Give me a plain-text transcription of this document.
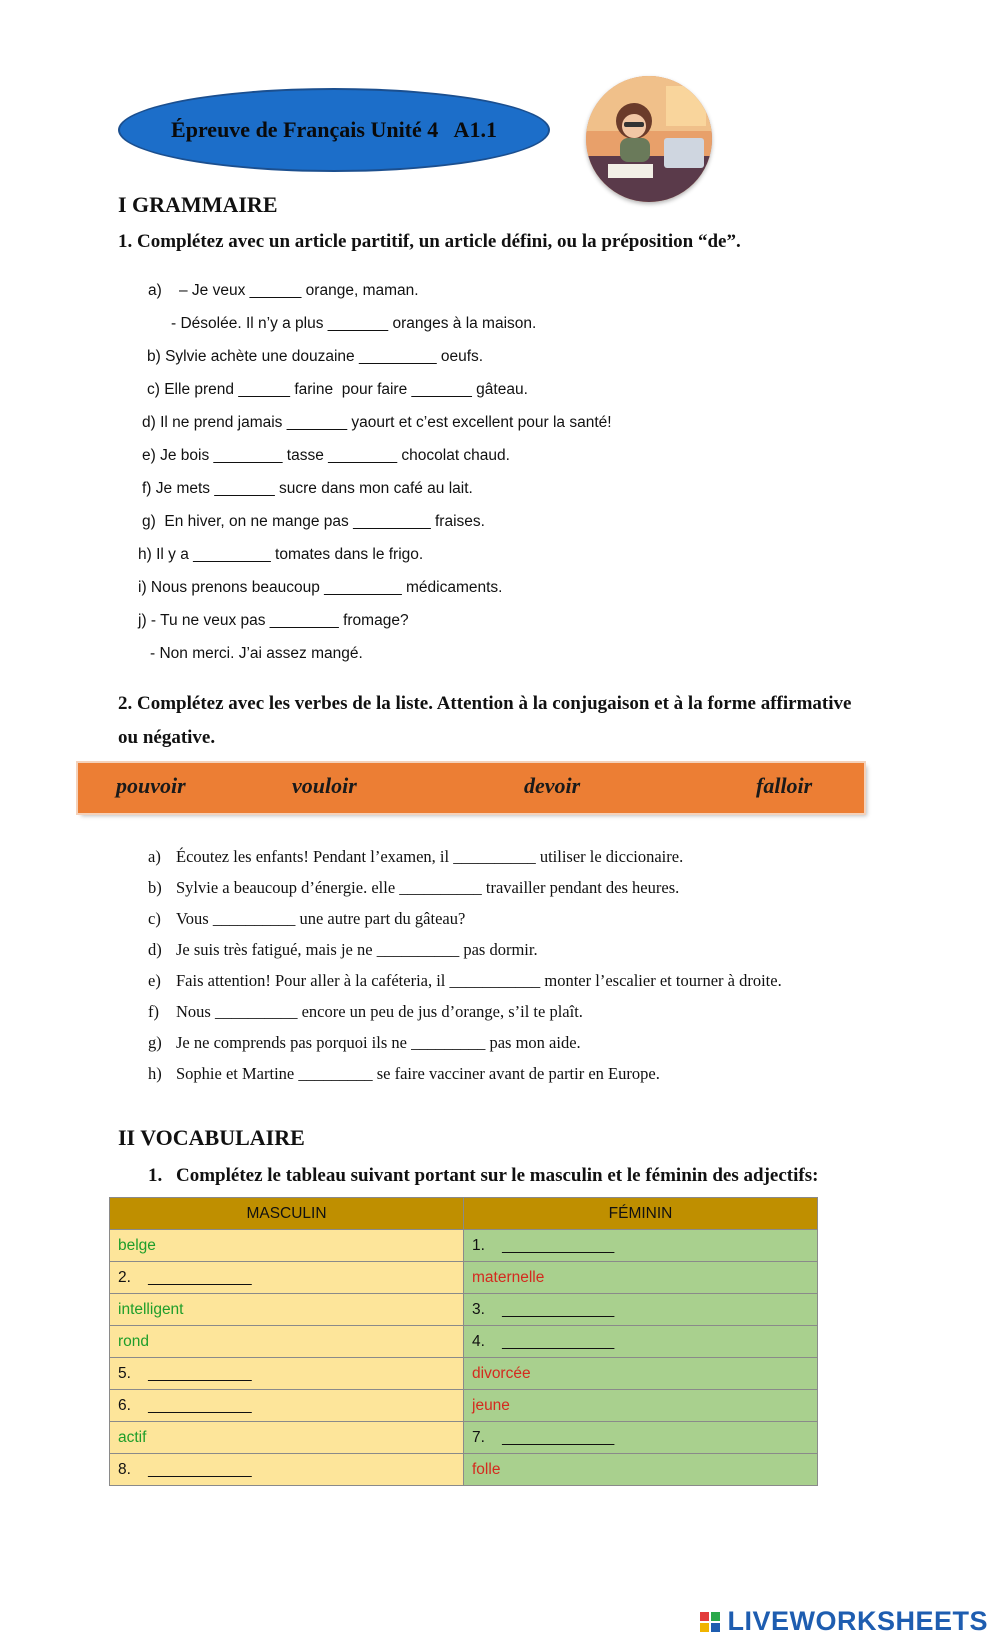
Épreuve de Français Unité 4   A1.1
I GRAMMAIRE
1. Complétez avec un article partitif, un article défini, ou la préposition “de”.
a)    – Je veux ______ orange, maman.
- Désolée. Il n’y a plus _______ oranges à la maison.
b) Sylvie achète une douzaine _________ oeufs.
c) Elle prend ______ farine  pour faire _______ gâteau.
d) Il ne prend jamais _______ yaourt et c’est excellent pour la santé!
e) Je bois ________ tasse ________ chocolat chaud.
f) Je mets _______ sucre dans mon café au lait.
g)  En hiver, on ne mange pas _________ fraises.
h) Il y a _________ tomates dans le frigo.
i) Nous prenons beaucoup _________ médicaments.
j) - Tu ne veux pas ________ fromage?
- Non merci. J’ai assez mangé.
2. Complétez avec les verbes de la liste. Attention à la conjugaison et à la forme affirmative
ou négative.
pouvoir	vouloir	devoir	falloir
a) Écoutez les enfants! Pendant l’examen, il __________ utiliser le diccionaire.
b) Sylvie a beaucoup d’énergie. elle __________ travailler pendant des heures.
c) Vous __________ une autre part du gâteau?
d) Je suis très fatigué, mais je ne __________ pas dormir.
e) Fais attention! Pour aller à la caféteria, il ___________ monter l’escalier et tourner à droite.
f) Nous __________ encore un peu de jus d’orange, s’il te plaît.
g) Je ne comprends pas porquoi ils ne _________ pas mon aide.
h) Sophie et Martine _________ se faire vacciner avant de partir en Europe.
II VOCABULAIRE
1. Complétez le tableau suivant portant sur le masculin et le féminin des adjectifs:
MASCULIN	FÉMININ
belge	1.    _____________
2.    ____________	maternelle
intelligent	3.    _____________
rond	4.    _____________
5.    ____________	divorcée
6.    ____________	jeune
actif	7.    _____________
8.    ____________	folle
LIVEWORKSHEETS
